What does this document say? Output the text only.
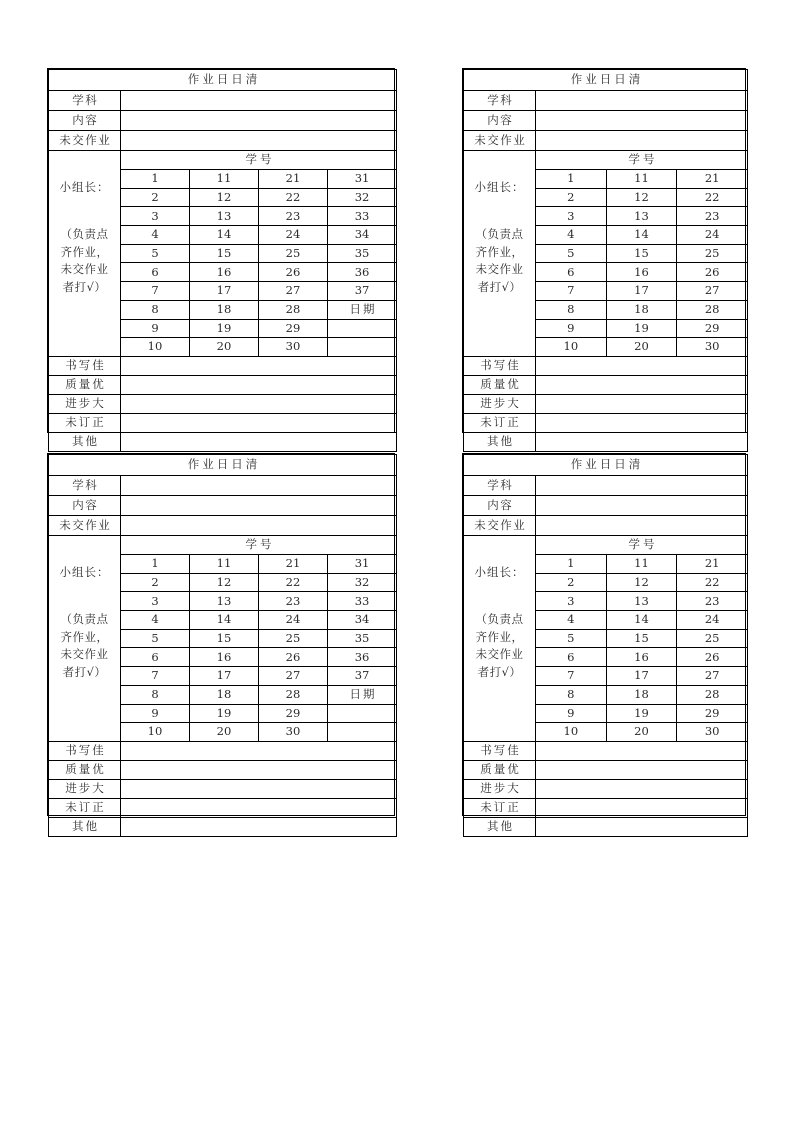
作业日日清				
学科				
内容				
未交作业				

小组长：
（负责点
齐作业，
未交作业
者打√）	学号			
	1	11	21	31
	2	12	22	32
	3	13	23	33
	4	14	24	34
	5	15	25	35
	6	16	26	36
	7	17	27	37
	8	18	28	日期
	9	19	29	
	10	20	30	
书写佳				
质量优				
进步大				
未订正				
其他				
作业日日清			
学科			
内容			
未交作业			

小组长：
（负责点
齐作业，
未交作业
者打√）	学号		
	1	11	21
	2	12	22
	3	13	23
	4	14	24
	5	15	25
	6	16	26
	7	17	27
	8	18	28
	9	19	29
	10	20	30
书写佳			
质量优			
进步大			
未订正			
其他			
作业日日清				
学科				
内容				
未交作业				

小组长：
（负责点
齐作业，
未交作业
者打√）	学号			
	1	11	21	31
	2	12	22	32
	3	13	23	33
	4	14	24	34
	5	15	25	35
	6	16	26	36
	7	17	27	37
	8	18	28	日期
	9	19	29	
	10	20	30	
书写佳				
质量优				
进步大				
未订正				
其他				
作业日日清			
学科			
内容			
未交作业			

小组长：
（负责点
齐作业，
未交作业
者打√）	学号		
	1	11	21
	2	12	22
	3	13	23
	4	14	24
	5	15	25
	6	16	26
	7	17	27
	8	18	28
	9	19	29
	10	20	30
书写佳			
质量优			
进步大			
未订正			
其他			
